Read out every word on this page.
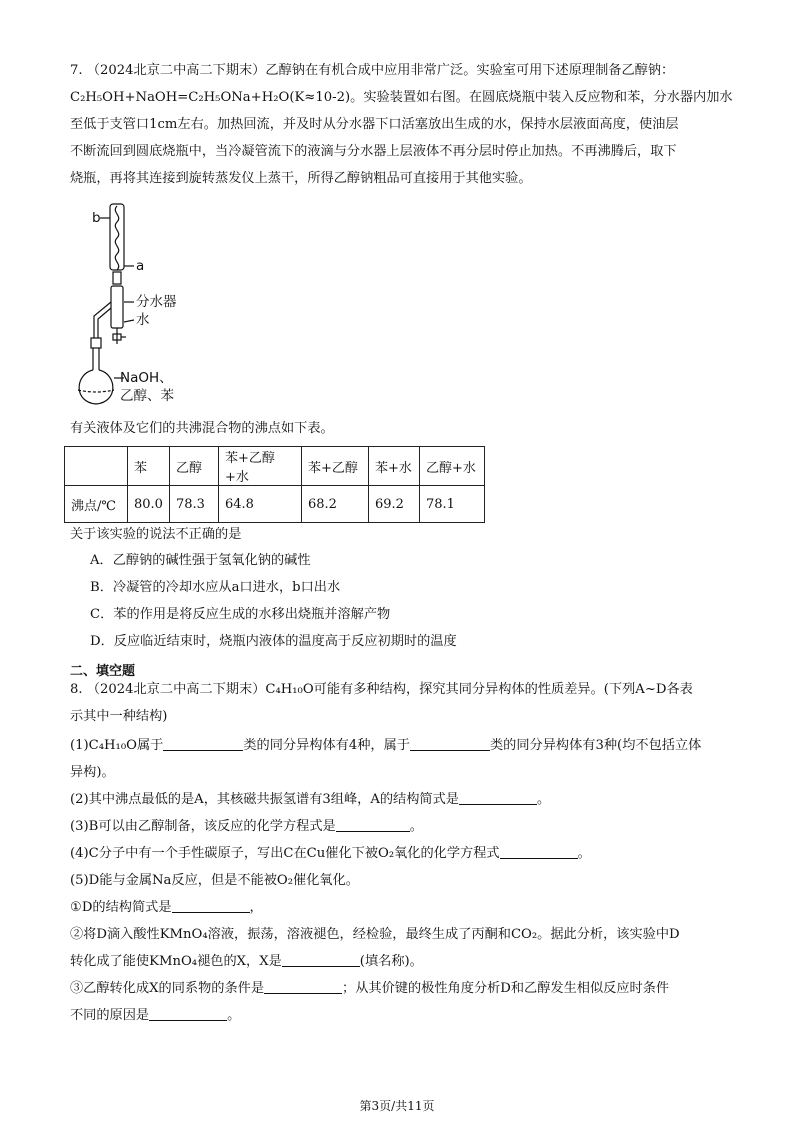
7. （2024北京二中高二下期末）乙醇钠在有机合成中应用非常广泛。实验室可用下述原理制备乙醇钠：

C₂H₅OH+NaOH=C₂H₅ONa+H₂O(K≈10-2)。实验装置如右图。在圆底烧瓶中装入反应物和苯，分水器内加水

至低于支管口1cm左右。加热回流，并及时从分水器下口活塞放出生成的水，保持水层液面高度，使油层

不断流回到圆底烧瓶中，当冷凝管流下的液滴与分水器上层液体不再分层时停止加热。不再沸腾后，取下

烧瓶，再将其连接到旋转蒸发仪上蒸干，所得乙醇钠粗品可直接用于其他实验。

b
a
分水器
水
NaOH、
乙醇、苯

有关液体及它们的共沸混合物的沸点如下表。

	苯	乙醇	苯+乙醇+水	苯+乙醇	苯+水	乙醇+水
沸点/℃	80.0	78.3	64.8	68.2	69.2	78.1

关于该实验的说法不正确的是

A．乙醇钠的碱性强于氢氧化钠的碱性
B．冷凝管的冷却水应从a口进水，b口出水
C．苯的作用是将反应生成的水移出烧瓶并溶解产物
D．反应临近结束时，烧瓶内液体的温度高于反应初期时的温度
二、填空题

8. （2024北京二中高二下期末）C₄H₁₀O可能有多种结构，探究其同分异构体的性质差异。(下列A~D各表

示其中一种结构)

(1)C₄H₁₀O属于	类的同分异构体有4种，属于	类的同分异构体有3种(均不包括立体

异构)。

(2)其中沸点最低的是A，其核磁共振氢谱有3组峰，A的结构简式是	。

(3)B可以由乙醇制备，该反应的化学方程式是	。

(4)C分子中有一个手性碳原子，写出C在Cu催化下被O₂氧化的化学方程式	。

(5)D能与金属Na反应，但是不能被O₂催化氧化。

①D的结构简式是	，

②将D滴入酸性KMnO₄溶液，振荡，溶液褪色，经检验，最终生成了丙酮和CO₂。据此分析，该实验中D

转化成了能使KMnO₄褪色的X，X是	(填名称)。

③乙醇转化成X的同系物的条件是	；从其价键的极性角度分析D和乙醇发生相似反应时条件

不同的原因是	。

第3页/共11页
